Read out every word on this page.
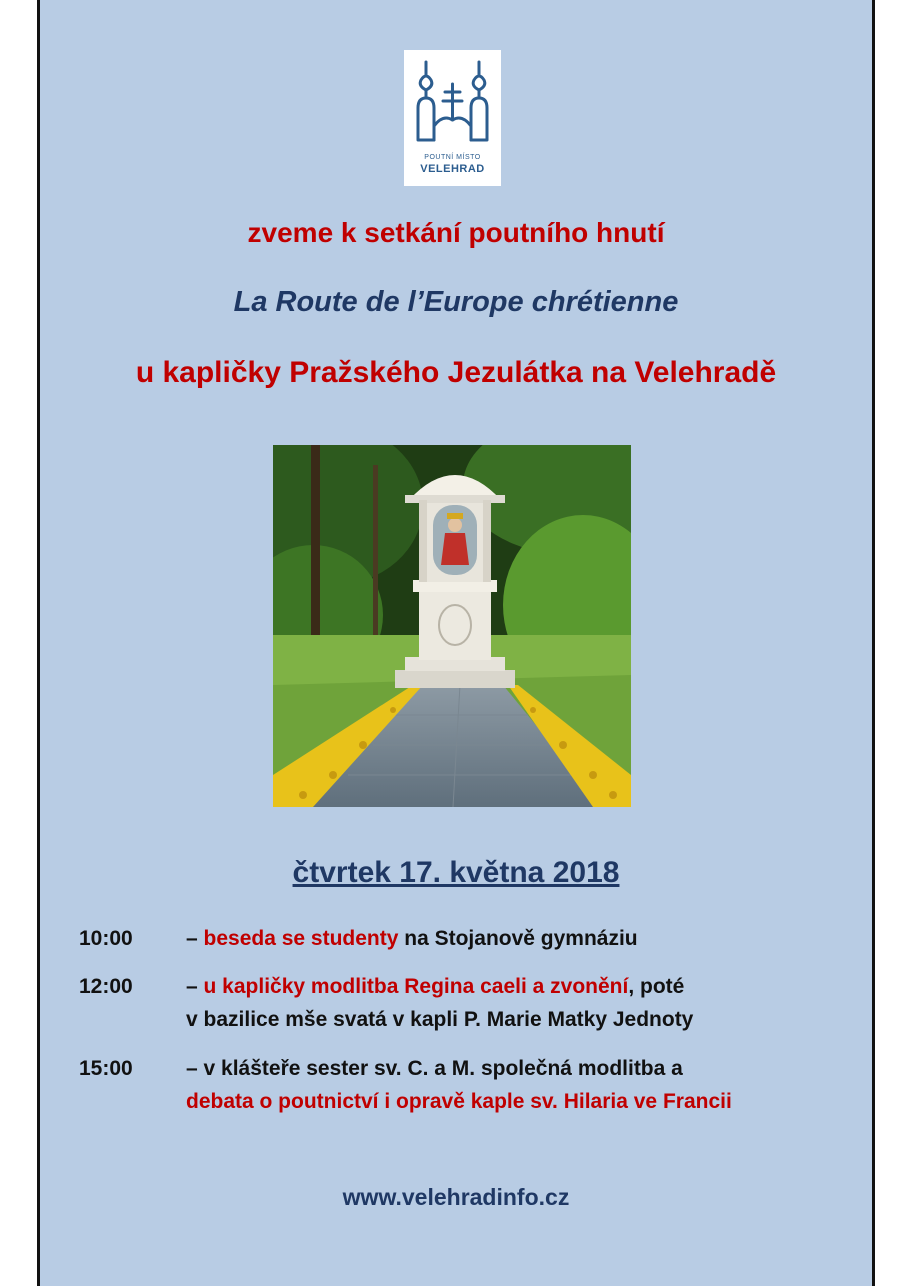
POUTNÍ MÍSTO
VELEHRAD
zveme k setkání poutního hnutí
La Route de l’Europe chrétienne
u kapličky Pražského Jezulátka na Velehradě
čtvrtek 17. května 2018
10:00	– beseda se studenty na Stojanově gymnáziu
12:00	– u kapličky modlitba Regina caeli a zvonění, poté
v bazilice mše svatá v kapli P. Marie Matky Jednoty
15:00	– v klášteře sester sv. C. a M. společná modlitba a
debata o poutnictví i opravě kaple sv. Hilaria ve Francii
www.velehradinfo.cz
